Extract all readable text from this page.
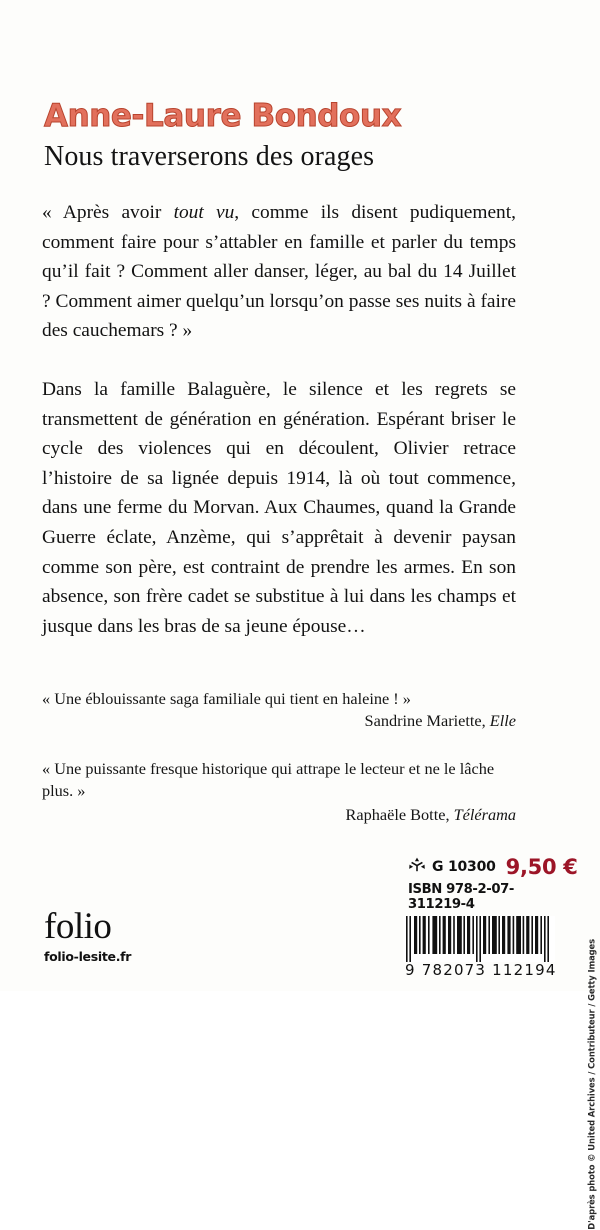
Anne-Laure Bondoux
Nous traverserons des orages

« Après avoir tout vu, comme ils disent pudiquement, comment faire pour s’attabler en famille et parler du temps qu’il fait ? Comment aller danser, léger, au bal du 14 Juillet ? Comment aimer quelqu’un lorsqu’on passe ses nuits à faire des cauchemars ? »

Dans la famille Balaguère, le silence et les regrets se transmettent de génération en génération. Espérant briser le cycle des violences qui en découlent, Olivier retrace l’histoire de sa lignée depuis 1914, là où tout commence, dans une ferme du Morvan. Aux Chaumes, quand la Grande Guerre éclate, Anzème, qui s’apprêtait à devenir paysan comme son père, est contraint de prendre les armes. En son absence, son frère cadet se substitue à lui dans les champs et jusque dans les bras de sa jeune épouse…

« Une éblouissante saga familiale qui tient en haleine ! »

Sandrine Mariette, Elle

« Une puissante fresque historique qui attrape le lecteur et ne le lâche plus. »

Raphaële Botte, Télérama

folio
folio-lesite.fr
G 10300 9,50 €
ISBN 978-2-07-311219-4
9 782073 112194	D'après photo © United Archives / Contributeur / Getty Images
